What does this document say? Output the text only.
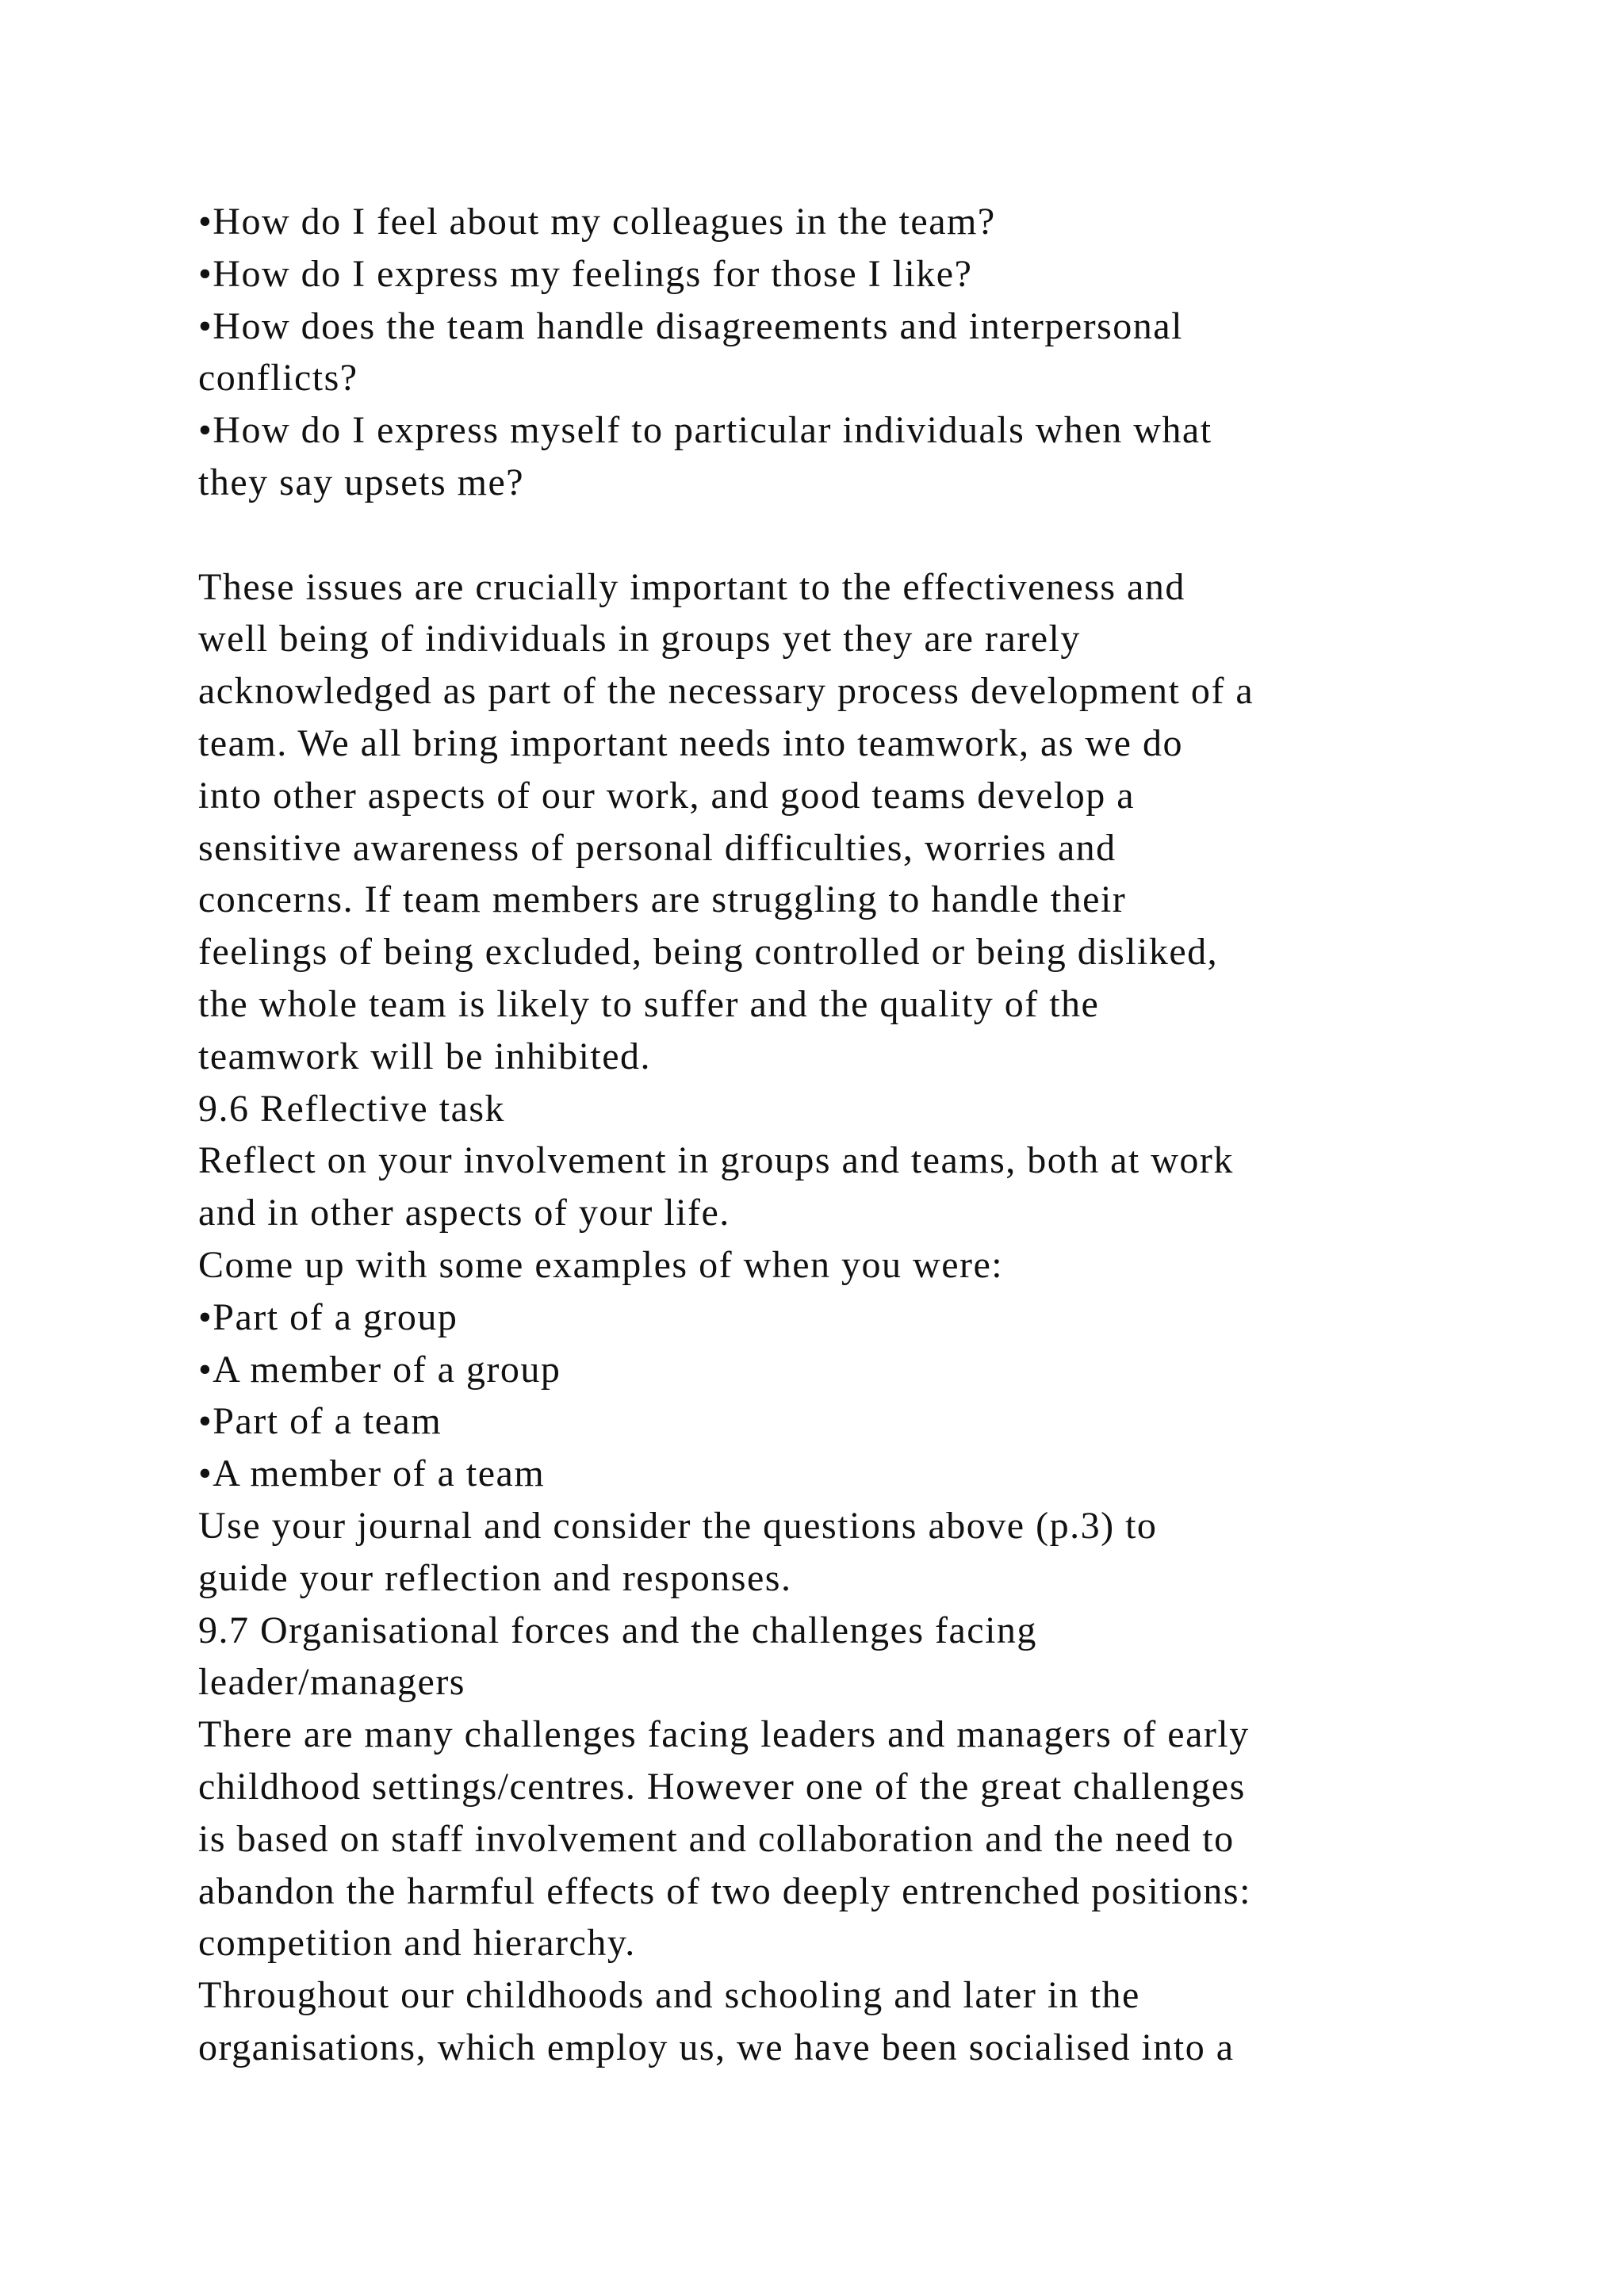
•How do I feel about my colleagues in the team?
•How do I express my feelings for those I like?
•How does the team handle disagreements and interpersonal
conflicts?
•How do I express myself to particular individuals when what
they say upsets me?
These issues are crucially important to the effectiveness and
well being of individuals in groups yet they are rarely
acknowledged as part of the necessary process development of a
team. We all bring important needs into teamwork, as we do
into other aspects of our work, and good teams develop a
sensitive awareness of personal difficulties, worries and
concerns. If team members are struggling to handle their
feelings of being excluded, being controlled or being disliked,
the whole team is likely to suffer and the quality of the
teamwork will be inhibited.
9.6 Reflective task
Reflect on your involvement in groups and teams, both at work
and in other aspects of your life.
Come up with some examples of when you were:
•Part of a group
•A member of a group
•Part of a team
•A member of a team
Use your journal and consider the questions above (p.3) to
guide your reflection and responses.
9.7 Organisational forces and the challenges facing
leader/managers
There are many challenges facing leaders and managers of early
childhood settings/centres. However one of the great challenges
is based on staff involvement and collaboration and the need to
abandon the harmful effects of two deeply entrenched positions:
competition and hierarchy.
Throughout our childhoods and schooling and later in the
organisations, which employ us, we have been socialised into a
